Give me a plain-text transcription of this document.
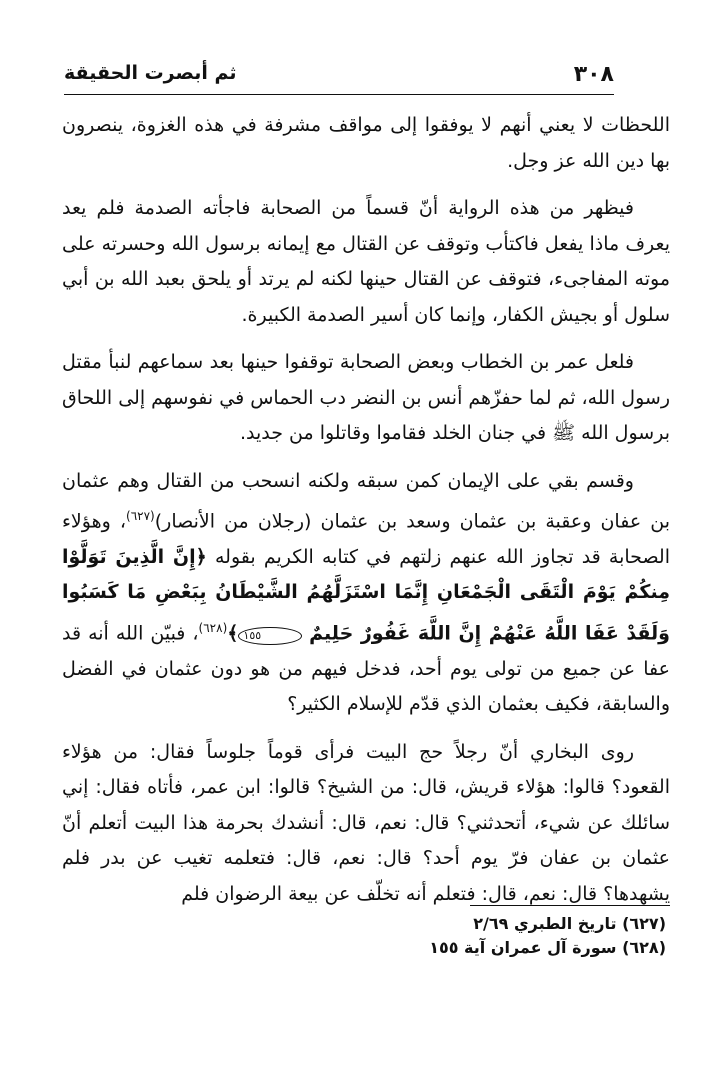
٣٠٨
ثم أبصرت الحقيقة

اللحظات لا يعني أنهم لا يوفقوا إلى مواقف مشرفة في هذه الغزوة، ينصرون بها دين الله عز وجل.

فيظهر من هذه الرواية أنّ قسماً من الصحابة فاجأته الصدمة فلم يعد يعرف ماذا يفعل فاكتأب وتوقف عن القتال مع إيمانه برسول الله وحسرته على موته المفاجىء، فتوقف عن القتال حينها لكنه لم يرتد أو يلحق بعبد الله بن أبي سلول أو بجيش الكفار، وإنما كان أسير الصدمة الكبيرة.

فلعل عمر بن الخطاب وبعض الصحابة توقفوا حينها بعد سماعهم لنبأ مقتل رسول الله، ثم لما حفزّهم أنس بن النضر دب الحماس في نفوسهم إلى اللحاق برسول الله ﷺ في جنان الخلد فقاموا وقاتلوا من جديد.

وقسم بقي على الإيمان كمن سبقه ولكنه انسحب من القتال وهم عثمان بن عفان وعقبة بن عثمان وسعد بن عثمان (رجلان من الأنصار)$^{(٦٢٧)}$، وهؤلاء الصحابة قد تجاوز الله عنهم زلتهم في كتابه الكريم بقوله ﴿إِنَّ الَّذِينَ تَوَلَّوْا مِنكُمْ يَوْمَ الْتَقَى الْجَمْعَانِ إِنَّمَا اسْتَزَلَّهُمُ الشَّيْطَانُ بِبَعْضِ مَا كَسَبُوا وَلَقَدْ عَفَا اللَّهُ عَنْهُمْ إِنَّ اللَّهَ غَفُورٌ حَلِيمٌ ١٥٥﴾$^{(٦٢٨)}$، فبيّن الله أنه قد عفا عن جميع من تولى يوم أحد، فدخل فيهم من هو دون عثمان في الفضل والسابقة، فكيف بعثمان الذي قدّم للإسلام الكثير؟

روى البخاري أنّ رجلاً حج البيت فرأى قوماً جلوساً فقال: من هؤلاء القعود؟ قالوا: هؤلاء قريش، قال: من الشيخ؟ قالوا: ابن عمر، فأتاه فقال: إني سائلك عن شيء، أتحدثني؟ قال: نعم، قال: أنشدك بحرمة هذا البيت أتعلم أنّ عثمان بن عفان فرّ يوم أحد؟ قال: نعم، قال: فتعلمه تغيب عن بدر فلم يشهدها؟ قال: نعم، قال: فتعلم أنه تخلّف عن بيعة الرضوان فلم

(٦٢٧) تاريخ الطبري ٢/٦٩
(٦٢٨) سورة آل عمران آية ١٥٥
